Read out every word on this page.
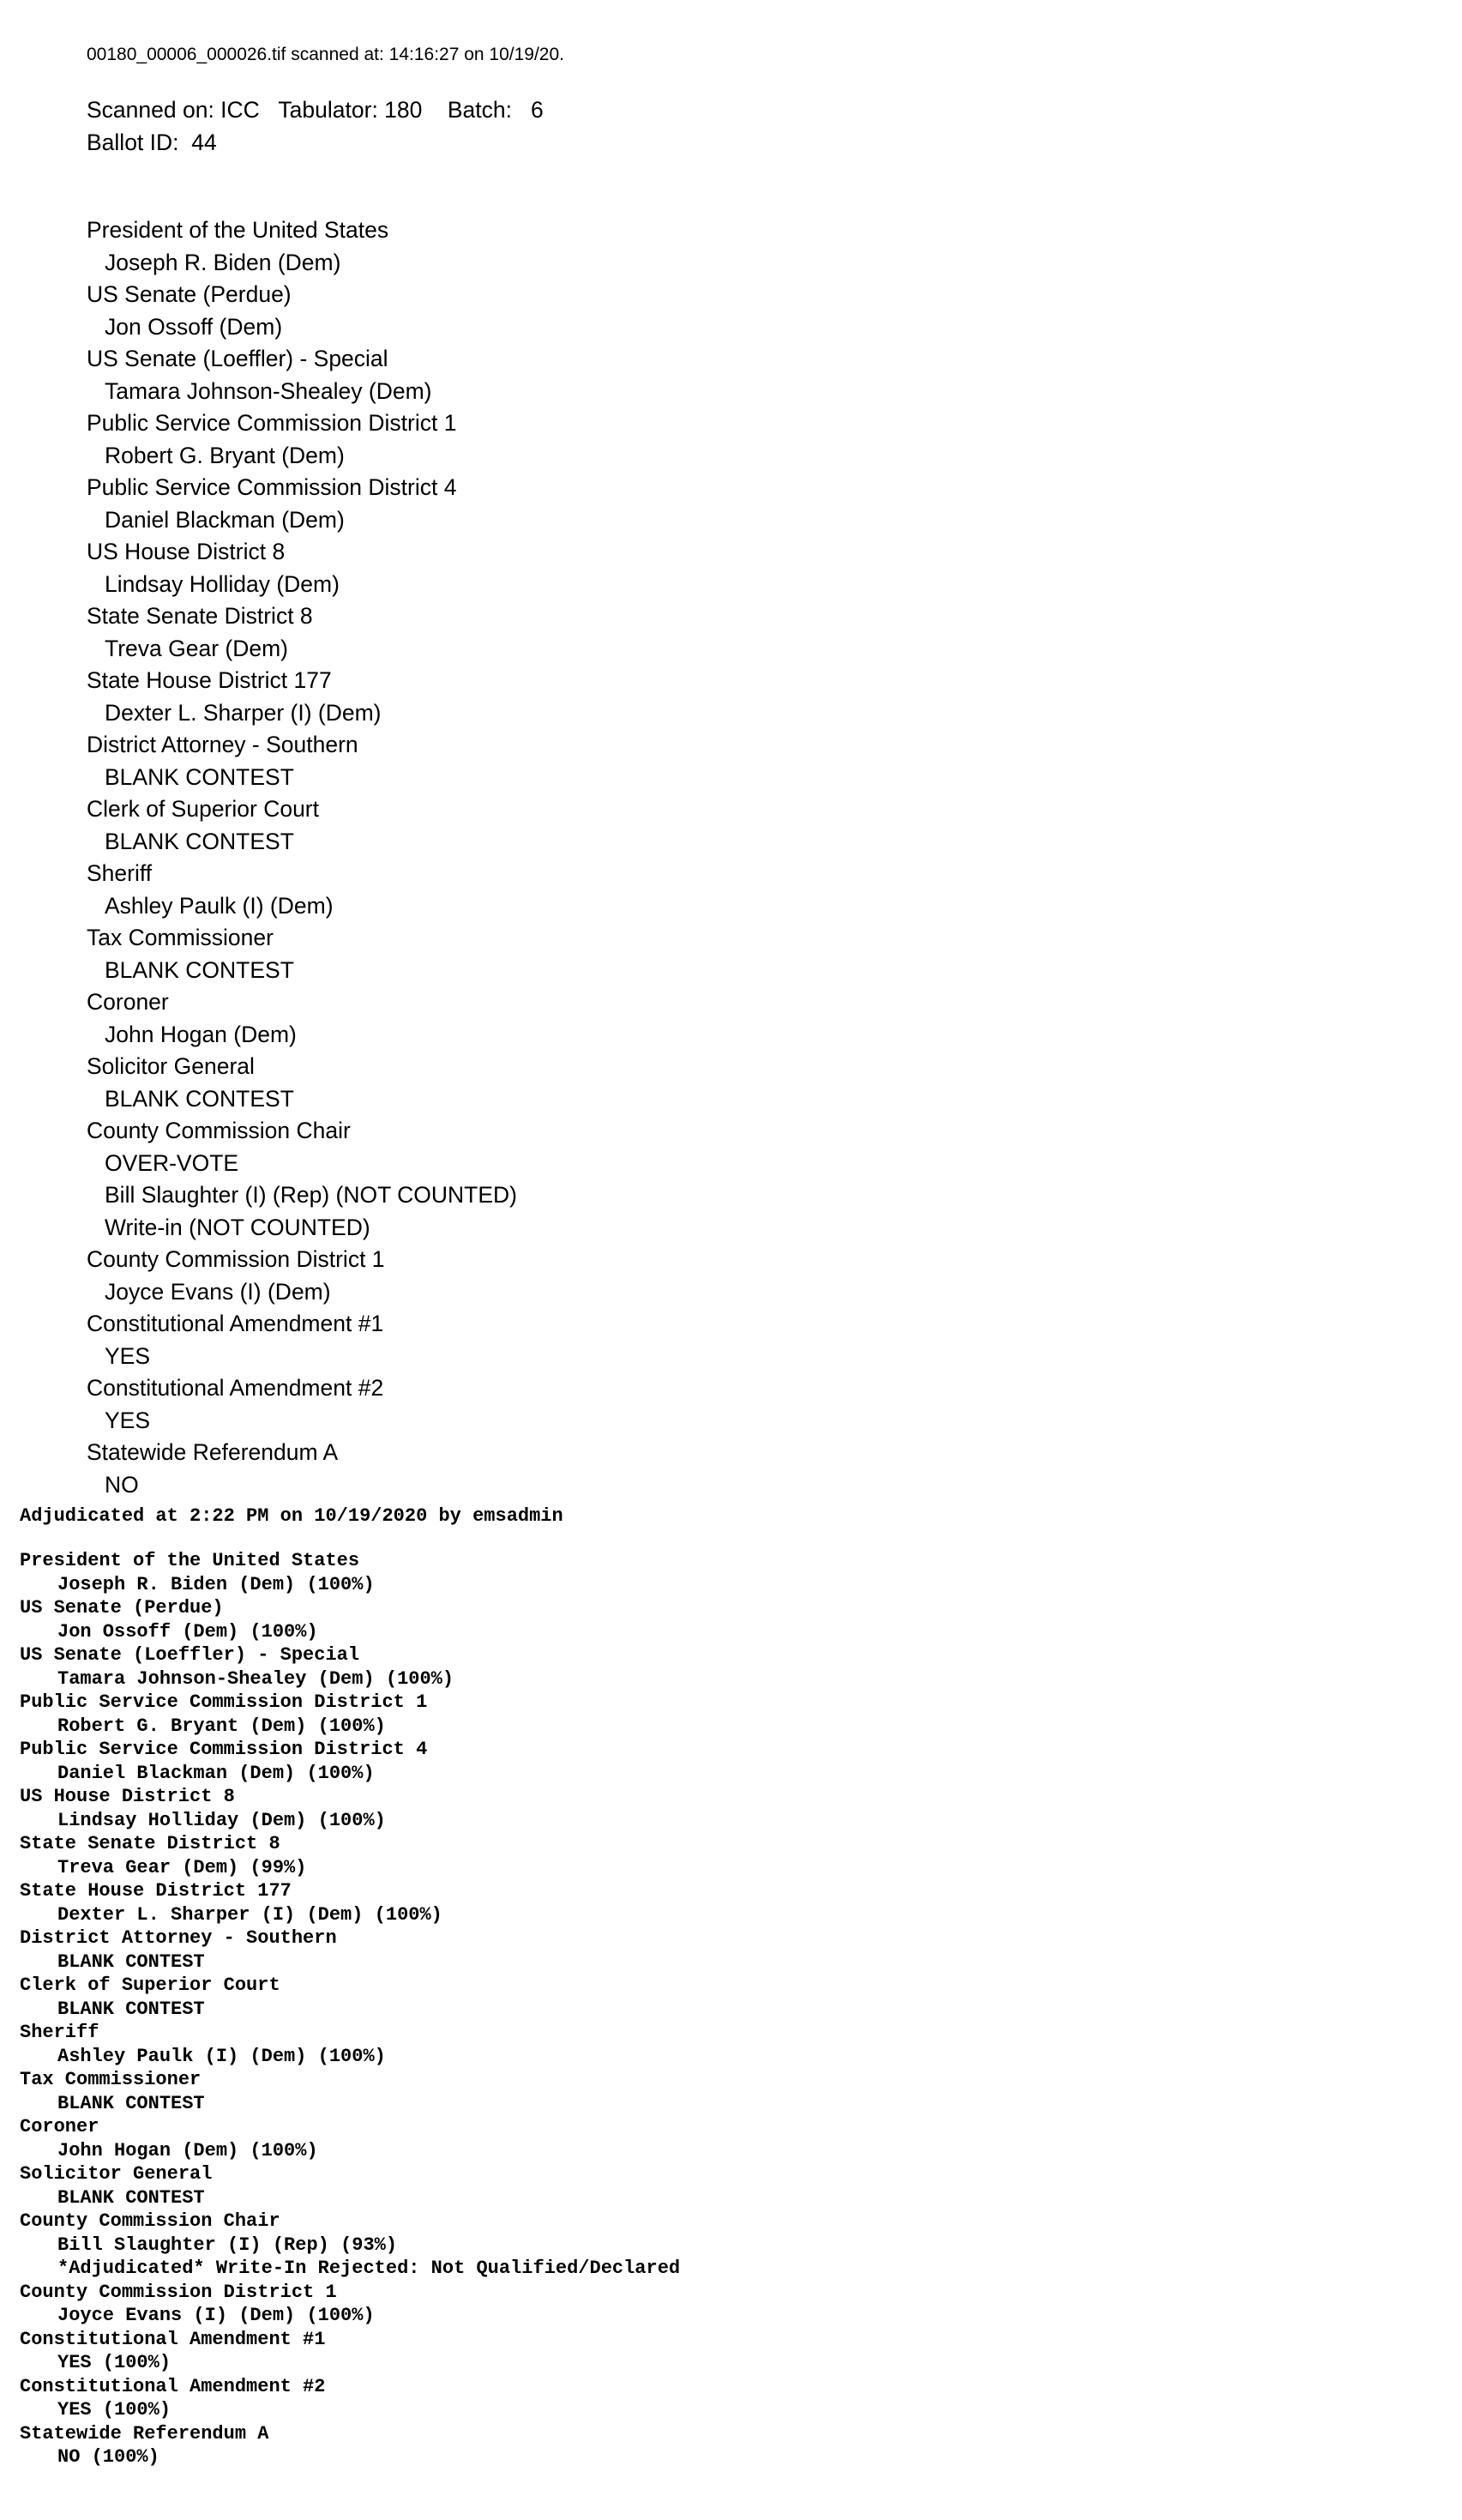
00180_00006_000026.tif scanned at: 14:16:27 on 10/19/20.
Scanned on: ICC   Tabulator: 180    Batch:   6
Ballot ID:  44
President of the United States
Joseph R. Biden (Dem)
US Senate (Perdue)
Jon Ossoff (Dem)
US Senate (Loeffler) - Special
Tamara Johnson-Shealey (Dem)
Public Service Commission District 1
Robert G. Bryant (Dem)
Public Service Commission District 4
Daniel Blackman (Dem)
US House District 8
Lindsay Holliday (Dem)
State Senate District 8
Treva Gear (Dem)
State House District 177
Dexter L. Sharper (I) (Dem)
District Attorney - Southern
BLANK CONTEST
Clerk of Superior Court
BLANK CONTEST
Sheriff
Ashley Paulk (I) (Dem)
Tax Commissioner
BLANK CONTEST
Coroner
John Hogan (Dem)
Solicitor General
BLANK CONTEST
County Commission Chair
OVER-VOTE
Bill Slaughter (I) (Rep) (NOT COUNTED)
Write-in (NOT COUNTED)
County Commission District 1
Joyce Evans (I) (Dem)
Constitutional Amendment #1
YES
Constitutional Amendment #2
YES
Statewide Referendum A
NO
Adjudicated at 2:22 PM on 10/19/2020 by emsadmin
President of the United States
Joseph R. Biden (Dem) (100%)
US Senate (Perdue)
Jon Ossoff (Dem) (100%)
US Senate (Loeffler) - Special
Tamara Johnson-Shealey (Dem) (100%)
Public Service Commission District 1
Robert G. Bryant (Dem) (100%)
Public Service Commission District 4
Daniel Blackman (Dem) (100%)
US House District 8
Lindsay Holliday (Dem) (100%)
State Senate District 8
Treva Gear (Dem) (99%)
State House District 177
Dexter L. Sharper (I) (Dem) (100%)
District Attorney - Southern
BLANK CONTEST
Clerk of Superior Court
BLANK CONTEST
Sheriff
Ashley Paulk (I) (Dem) (100%)
Tax Commissioner
BLANK CONTEST
Coroner
John Hogan (Dem) (100%)
Solicitor General
BLANK CONTEST
County Commission Chair
Bill Slaughter (I) (Rep) (93%)
*Adjudicated* Write-In Rejected: Not Qualified/Declared
County Commission District 1
Joyce Evans (I) (Dem) (100%)
Constitutional Amendment #1
YES (100%)
Constitutional Amendment #2
YES (100%)
Statewide Referendum A
NO (100%)
